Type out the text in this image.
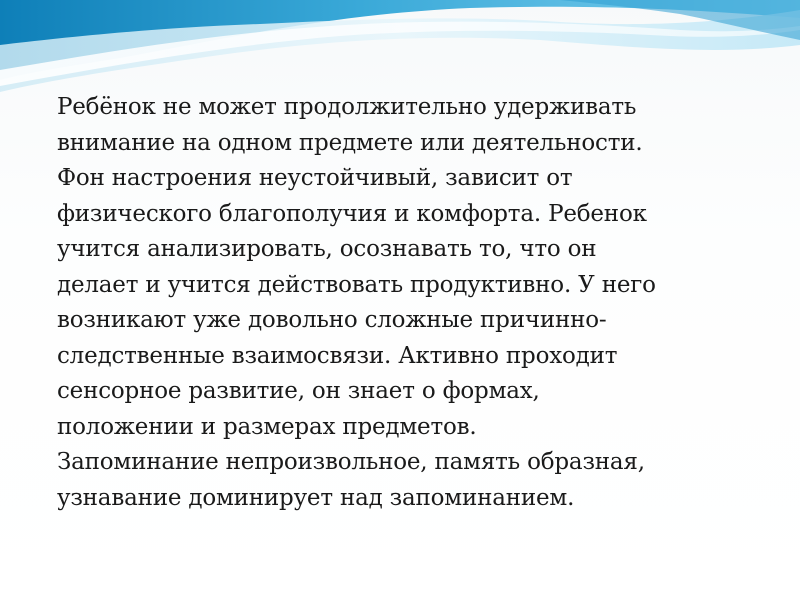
Ребёнок не может продолжительно удерживать
внимание на одном предмете или деятельности.
Фон настроения неустойчивый, зависит от
физического благополучия и комфорта. Ребенок
учится анализировать, осознавать то, что он
делает и учится действовать продуктивно. У него
возникают уже довольно сложные причинно-
следственные взаимосвязи. Активно проходит
сенсорное развитие, он знает о формах,
положении и размерах предметов.
Запоминание непроизвольное, память образная,
узнавание доминирует над запоминанием.
